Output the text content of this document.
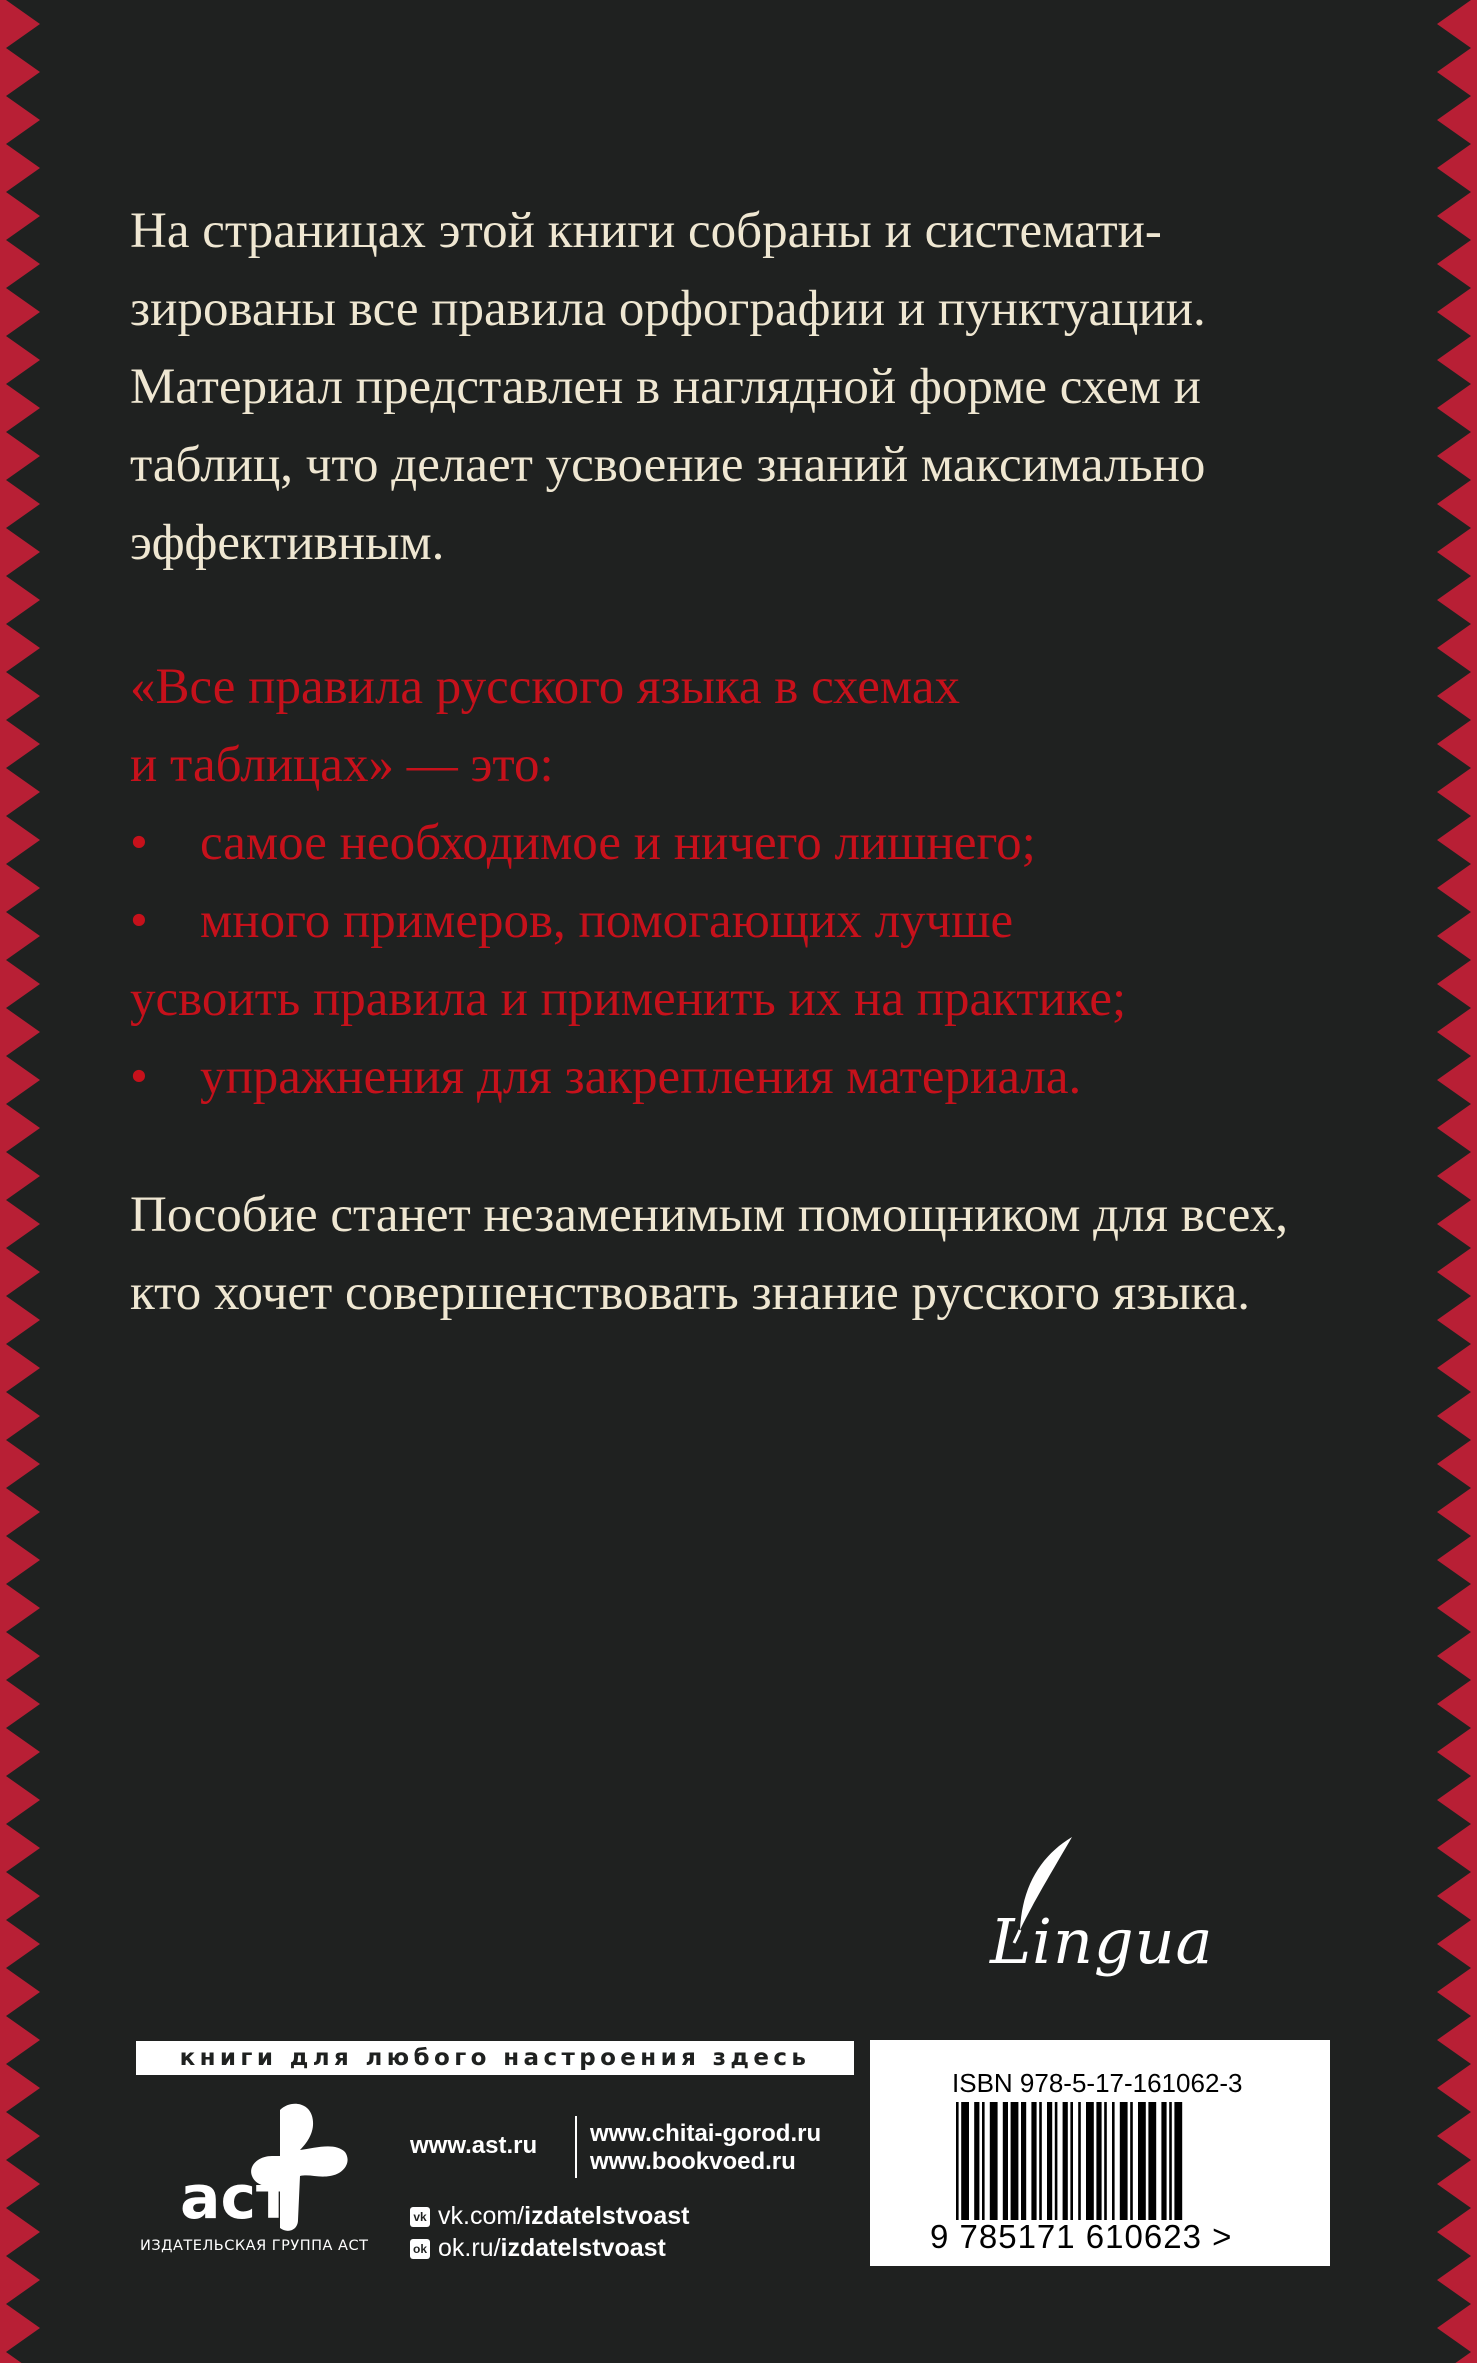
На страницах этой книги собраны и системати-
зированы все правила орфографии и пунктуации.
Материал представлен в наглядной форме схем и
таблиц, что делает усвоение знаний максимально
эффективным.

«Все правила русского языка в схемах
и таблицах» — это:
• самое необходимое и ничего лишнего;
• много примеров, помогающих лучше
усвоить правила и применить их на практике;
• упражнения для закрепления материала.

Пособие станет незаменимым помощником для всех,
кто хочет совершенствовать знание русского языка.

Lingua
книги для любого настроения здесь
аст
ИЗДАТЕЛЬСКАЯ ГРУППА АСТ
www.ast.ru www.chitai-gorod.ru
www.bookvoed.ru
vk vk.com/ izdatelstvoast
ok ok.ru/ izdatelstvoast
ISBN 978-5-17-161062-3
9 785171 610623 >
